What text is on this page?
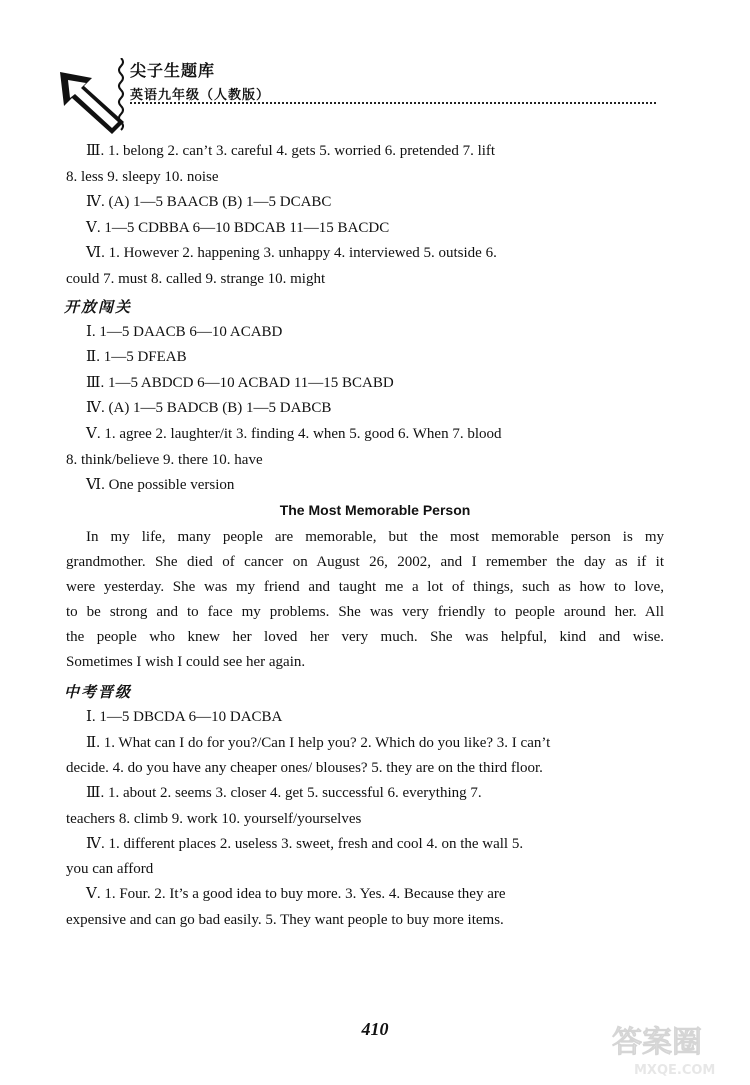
尖子生题库
英语九年级（人教版）
Ⅲ. 1. belong 2. can’t 3. careful 4. gets 5. worried 6. pretended 7. lift
8. less 9. sleepy 10. noise
Ⅳ. (A) 1—5 BAACB (B) 1—5 DCABC
Ⅴ. 1—5 CDBBA 6—10 BDCAB 11—15 BACDC
Ⅵ. 1. However 2. happening 3. unhappy 4. interviewed 5. outside 6.
could 7. must 8. called 9. strange 10. might
开放闯关
Ⅰ. 1—5 DAACB 6—10 ACABD
Ⅱ. 1—5 DFEAB
Ⅲ. 1—5 ABDCD 6—10 ACBAD 11—15 BCABD
Ⅳ. (A) 1—5 BADCB (B) 1—5 DABCB
Ⅴ. 1. agree 2. laughter/it 3. finding 4. when 5. good 6. When 7. blood
8. think/believe 9. there 10. have
Ⅵ. One possible version
The Most Memorable Person
In my life, many people are memorable, but the most memorable person is my
grandmother. She died of cancer on August 26, 2002, and I remember the day as if it
were yesterday. She was my friend and taught me a lot of things, such as how to love,
to be strong and to face my problems. She was very friendly to people around her. All
the people who knew her loved her very much. She was helpful, kind and wise.
Sometimes I wish I could see her again.
中考晋级
Ⅰ. 1—5 DBCDA 6—10 DACBA
Ⅱ. 1. What can I do for you?/Can I help you? 2. Which do you like? 3. I can’t
decide. 4. do you have any cheaper ones/ blouses? 5. they are on the third floor.
Ⅲ. 1. about 2. seems 3. closer 4. get 5. successful 6. everything 7.
teachers 8. climb 9. work 10. yourself/yourselves
Ⅳ. 1. different places 2. useless 3. sweet, fresh and cool 4. on the wall 5.
you can afford
Ⅴ. 1. Four. 2. It’s a good idea to buy more. 3. Yes. 4. Because they are
expensive and can go bad easily. 5. They want people to buy more items.
410	答案圈
MXQE.COM
